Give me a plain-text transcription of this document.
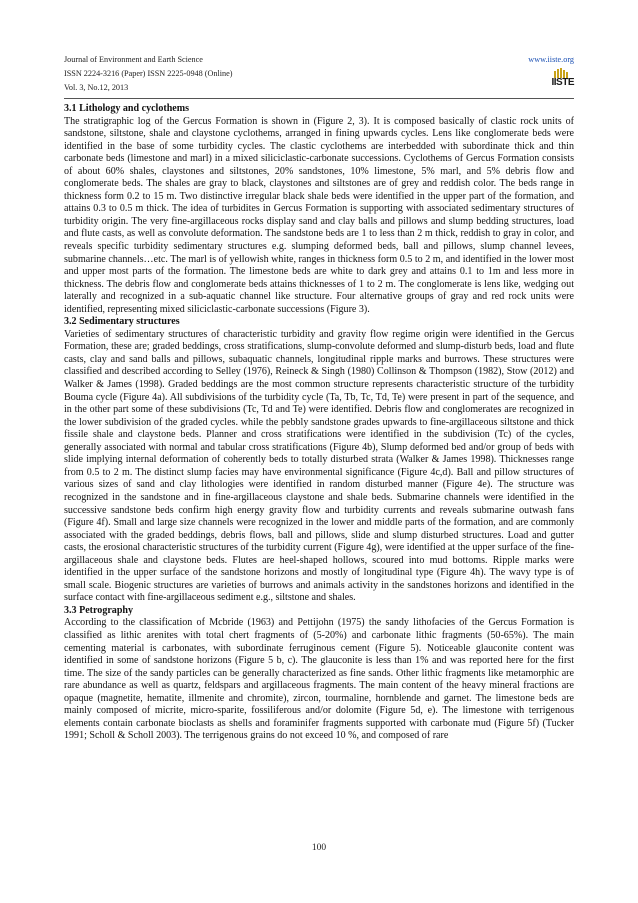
Journal of Environment and Earth Science
ISSN 2224-3216 (Paper) ISSN 2225-0948 (Online)
Vol. 3, No.12, 2013
www.iiste.org
IISTE
3.1 Lithology and cyclothems

The stratigraphic log of the Gercus Formation is shown in (Figure 2, 3). It is composed basically of clastic rock units of sandstone, siltstone, shale and claystone cyclothems, arranged in fining upwards cycles. Lens like conglomerate beds were identified in the base of some turbidity cycles. The clastic cyclothems are interbedded with subordinate thick and thin carbonate beds (limestone and marl) in a mixed siliciclastic-carbonate successions. Cyclothems of Gercus Formation consists of about 60% shales, claystones and siltstones, 20% sandstones, 10% limestone, 5% marl, and 5% debris flow and conglomerate beds. The shales are gray to black, claystones and siltstones are of grey and reddish color. The beds range in thickness form 0.2 to 15 m. Two distinctive irregular black shale beds were identified in the upper part of the formation, and attains 0.3 to 0.5 m thick. The idea of turbidites in Gercus Formation is supporting with associated sedimentary structures of turbidity origin. The very fine-argillaceous rocks display sand and clay balls and pillows and slump bedding structures, load and flute casts, as well as convolute deformation. The sandstone beds are 1 to less than 2 m thick, reddish to gray in color, and reveals specific turbidity sedimentary structures e.g. slumping deformed beds, ball and pillows, slump channel levees, submarine channels…etc. The marl is of yellowish white, ranges in thickness form 0.5 to 2 m, and identified in the lower most and upper most parts of the formation. The limestone beds are white to dark grey and attains 0.1 to 1m and less more in thickness. The debris flow and conglomerate beds attains thicknesses of 1 to 2 m. The conglomerate is lens like, wedging out laterally and recognized in a sub-aquatic channel like structure. Four alternative groups of gray and red rock units were identified, representing mixed siliciclastic-carbonate successions (Figure 3).

3.2 Sedimentary structures

Varieties of sedimentary structures of characteristic turbidity and gravity flow regime origin were identified in the Gercus Formation, these are; graded beddings, cross stratifications, slump-convolute deformed and slump-disturb beds, load and flute casts, clay and sand balls and pillows, subaquatic channels, longitudinal ripple marks and burrows. These structures were classified and described according to Selley (1976), Reineck & Singh (1980) Collinson & Thompson (1982), Stow (2012) and Walker & James (1998). Graded beddings are the most common structure represents characteristic structure of the turbidity Bouma cycle (Figure 4a). All subdivisions of the turbidity cycle (Ta, Tb, Tc, Td, Te) were present in part of the sequence, and in the other part some of these subdivisions (Tc, Td and Te) were identified. Debris flow and conglomerates are recognized in the lower subdivision of the graded cycles. while the pebbly sandstone grades upwards to fine-argillaceous siltstone and thick fissile shale and claystone beds. Planner and cross stratifications were identified in the subdivision (Tc) of the cycles, generally associated with normal and tabular cross stratifications (Figure 4b), Slump deformed bed and/or group of beds with slide implying internal deformation of coherently beds to totally disturbed strata (Walker & James 1998). Thicknesses range from 0.5 to 2 m. The distinct slump facies may have environmental significance (Figure 4c,d). Ball and pillow structures of various sizes of sand and clay lithologies were identified in random disturbed manner (Figure 4e). The structure was recognized in the sandstone and in fine-argillaceous claystone and shale beds. Submarine channels were identified in the successive sandstone beds confirm high energy gravity flow and turbidity currents and reveals submarine outwash fans (Figure 4f). Small and large size channels were recognized in the lower and middle parts of the formation, and are commonly associated with the graded beddings, debris flows, ball and pillows, slide and slump disturbed structures. Load and gutter casts, the erosional characteristic structures of the turbidity current (Figure 4g), were identified at the upper surface of the fine-argillaceous shale and claystone beds. Flutes are heel-shaped hollows, scoured into mud bottoms. Ripple marks were identified in the upper surface of the sandstone horizons and mostly of longitudinal type (Figure 4h). The wavy type is of small scale. Biogenic structures are varieties of burrows and animals activity in the sandstones horizons and identified in the surface contact with fine-argillaceous sediment e.g., siltstone and shales.

3.3 Petrography

According to the classification of Mcbride (1963) and Pettijohn (1975) the sandy lithofacies of the Gercus Formation is classified as lithic arenites with total chert fragments of (5-20%) and carbonate lithic fragments (50-65%). The main cementing material is carbonates, with subordinate ferruginous cement (Figure 5). Noticeable glauconite content was identified in some of sandstone horizons (Figure 5 b, c). The glauconite is less than 1% and was reported here for the first time. The size of the sandy particles can be generally characterized as fine sands. Other lithic fragments like metamorphic are rare abundance as well as quartz, feldspars and argillaceous fragments. The main content of the heavy mineral fractions are opaque (magnetite, hematite, illmenite and chromite), zircon, tourmaline, hornblende and garnet. The limestone beds are mainly composed of micrite, micro-sparite, fossiliferous and/or dolomite (Figure 5d, e). The limestone with terrigenous elements contain carbonate bioclasts as shells and foraminifer fragments supported with carbonate mud (Figure 5f) (Tucker 1991; Scholl & Scholl 2003). The terrigenous grains do not exceed 10 %, and composed of rare

100
